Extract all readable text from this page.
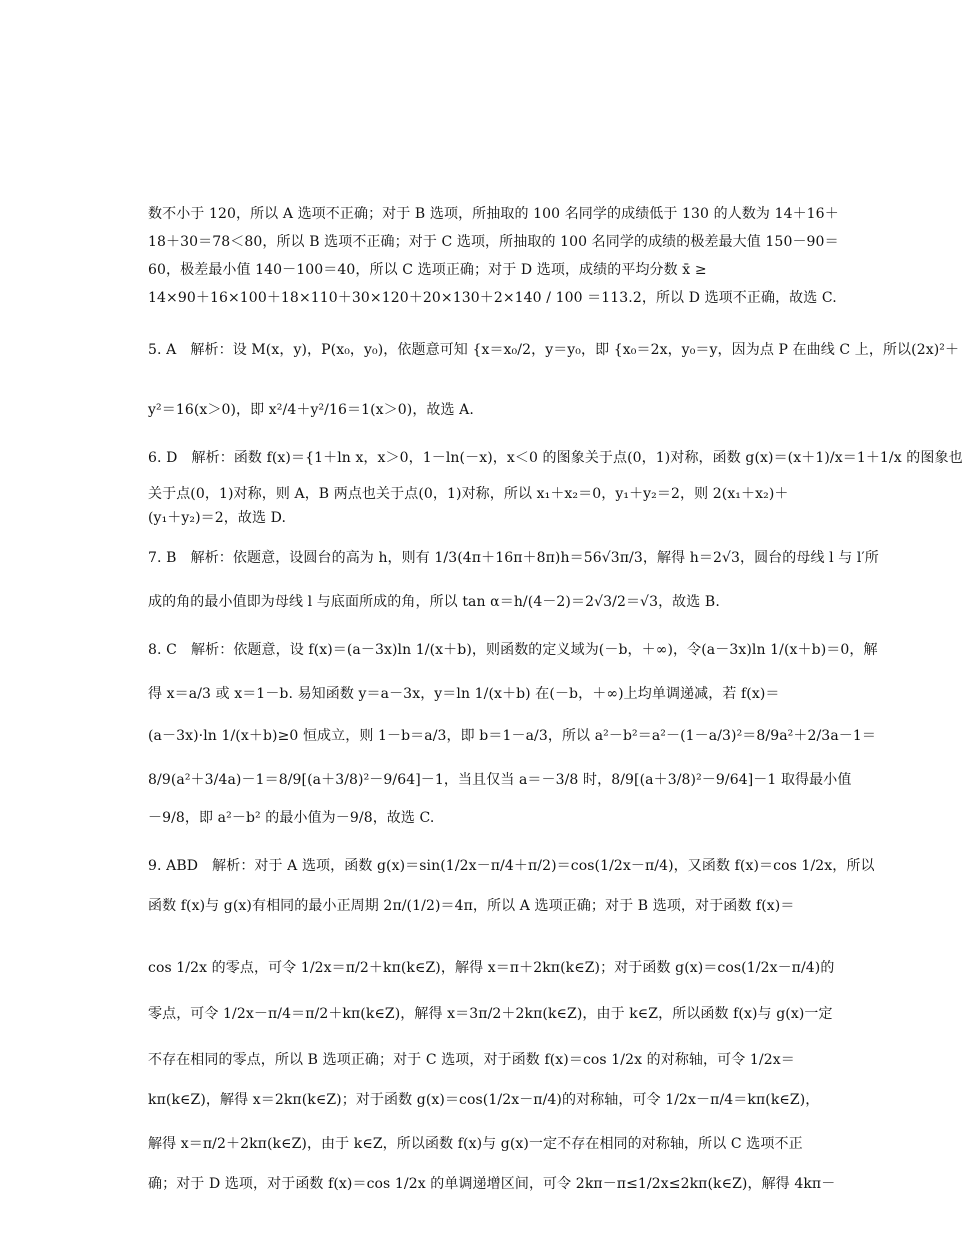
数不小于 120，所以 A 选项不正确；对于 B 选项，所抽取的 100 名同学的成绩低于 130 的人数为 14＋16＋
18＋30＝78＜80，所以 B 选项不正确；对于 C 选项，所抽取的 100 名同学的成绩的极差最大值 150－90＝
60，极差最小值 140－100＝40，所以 C 选项正确；对于 D 选项，成绩的平均分数 x̄ ≥
14×90＋16×100＋18×110＋30×120＋20×130＋2×140 / 100 ＝113.2，所以 D 选项不正确，故选 C.
5. A　解析：设 M(x，y)，P(x₀，y₀)，依题意可知 {x＝x₀/2，y＝y₀，即 {x₀＝2x，y₀＝y，因为点 P 在曲线 C 上，所以(2x)²＋
y²＝16(x＞0)，即 x²/4＋y²/16＝1(x＞0)，故选 A.
6. D　解析：函数 f(x)＝{1＋ln x，x＞0，1－ln(－x)，x＜0 的图象关于点(0，1)对称，函数 g(x)＝(x＋1)/x＝1＋1/x 的图象也
关于点(0，1)对称，则 A，B 两点也关于点(0，1)对称，所以 x₁＋x₂＝0，y₁＋y₂＝2，则 2(x₁＋x₂)＋
(y₁＋y₂)＝2，故选 D.
7. B　解析：依题意，设圆台的高为 h，则有 1/3(4π＋16π＋8π)h＝56√3π/3，解得 h＝2√3，圆台的母线 l 与 l′所
成的角的最小值即为母线 l 与底面所成的角，所以 tan α＝h/(4－2)＝2√3/2＝√3，故选 B.
8. C　解析：依题意，设 f(x)＝(a－3x)ln 1/(x＋b)，则函数的定义域为(－b，＋∞)，令(a－3x)ln 1/(x＋b)＝0，解
得 x＝a/3 或 x＝1－b. 易知函数 y＝a－3x，y＝ln 1/(x＋b) 在(－b，＋∞)上均单调递减，若 f(x)＝
(a－3x)·ln 1/(x＋b)≥0 恒成立，则 1－b＝a/3，即 b＝1－a/3，所以 a²－b²＝a²－(1－a/3)²＝8/9a²＋2/3a－1＝
8/9(a²＋3/4a)－1＝8/9[(a＋3/8)²－9/64]－1，当且仅当 a＝－3/8 时，8/9[(a＋3/8)²－9/64]－1 取得最小值
－9/8，即 a²－b² 的最小值为－9/8，故选 C.
9. ABD　解析：对于 A 选项，函数 g(x)＝sin(1/2x－π/4＋π/2)＝cos(1/2x－π/4)，又函数 f(x)＝cos 1/2x，所以
函数 f(x)与 g(x)有相同的最小正周期 2π/(1/2)＝4π，所以 A 选项正确；对于 B 选项，对于函数 f(x)＝
cos 1/2x 的零点，可令 1/2x＝π/2＋kπ(k∈Z)，解得 x＝π＋2kπ(k∈Z)；对于函数 g(x)＝cos(1/2x－π/4)的
零点，可令 1/2x－π/4＝π/2＋kπ(k∈Z)，解得 x＝3π/2＋2kπ(k∈Z)，由于 k∈Z，所以函数 f(x)与 g(x)一定
不存在相同的零点，所以 B 选项正确；对于 C 选项，对于函数 f(x)＝cos 1/2x 的对称轴，可令 1/2x＝
kπ(k∈Z)，解得 x＝2kπ(k∈Z)；对于函数 g(x)＝cos(1/2x－π/4)的对称轴，可令 1/2x－π/4＝kπ(k∈Z)，
解得 x＝π/2＋2kπ(k∈Z)，由于 k∈Z，所以函数 f(x)与 g(x)一定不存在相同的对称轴，所以 C 选项不正
确；对于 D 选项，对于函数 f(x)＝cos 1/2x 的单调递增区间，可令 2kπ－π≤1/2x≤2kπ(k∈Z)，解得 4kπ－
